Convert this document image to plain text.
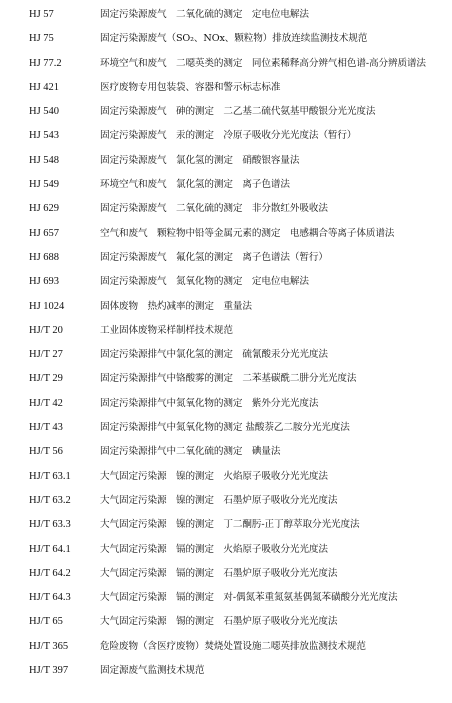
HJ 57	固定污染源废气　二氧化硫的测定　定电位电解法
HJ 75	固定污染源废气（SO₂、NOx、颗粒物）排放连续监测技术规范
HJ 77.2	环境空气和废气　二噁英类的测定　同位素稀释高分辨气相色谱-高分辨质谱法
HJ 421	医疗废物专用包装袋、容器和警示标志标准
HJ 540	固定污染源废气　砷的测定　二乙基二硫代氨基甲酸银分光光度法
HJ 543	固定污染源废气　汞的测定　冷原子吸收分光光度法（暂行）
HJ 548	固定污染源废气　氯化氢的测定　硝酸银容量法
HJ 549	环境空气和废气　氯化氢的测定　离子色谱法
HJ 629	固定污染源废气　二氧化硫的测定　非分散红外吸收法
HJ 657	空气和废气　颗粒物中铅等金属元素的测定　电感耦合等离子体质谱法
HJ 688	固定污染源废气　氟化氢的测定　离子色谱法（暂行）
HJ 693	固定污染源废气　氮氧化物的测定　定电位电解法
HJ 1024	固体废物　热灼减率的测定　重量法
HJ/T 20	工业固体废物采样制样技术规范
HJ/T 27	固定污染源排气中氯化氢的测定　硫氰酸汞分光光度法
HJ/T 29	固定污染源排气中铬酸雾的测定　二苯基碳酰二肼分光光度法
HJ/T 42	固定污染源排气中氮氧化物的测定　紫外分光光度法
HJ/T 43	固定污染源排气中氮氧化物的测定 盐酸萘乙二胺分光光度法
HJ/T 56	固定污染源排气中二氧化硫的测定　碘量法
HJ/T 63.1	大气固定污染源　镍的测定　火焰原子吸收分光光度法
HJ/T 63.2	大气固定污染源　镍的测定　石墨炉原子吸收分光光度法
HJ/T 63.3	大气固定污染源　镍的测定　丁二酮肟-正丁醇萃取分光光度法
HJ/T 64.1	大气固定污染源　镉的测定　火焰原子吸收分光光度法
HJ/T 64.2	大气固定污染源　镉的测定　石墨炉原子吸收分光光度法
HJ/T 64.3	大气固定污染源　镉的测定　对-偶氮苯重氮氨基偶氮苯磺酸分光光度法
HJ/T 65	大气固定污染源　锡的测定　石墨炉原子吸收分光光度法
HJ/T 365	危险废物（含医疗废物）焚烧处置设施二噁英排放监测技术规范
HJ/T 397	固定源废气监测技术规范
